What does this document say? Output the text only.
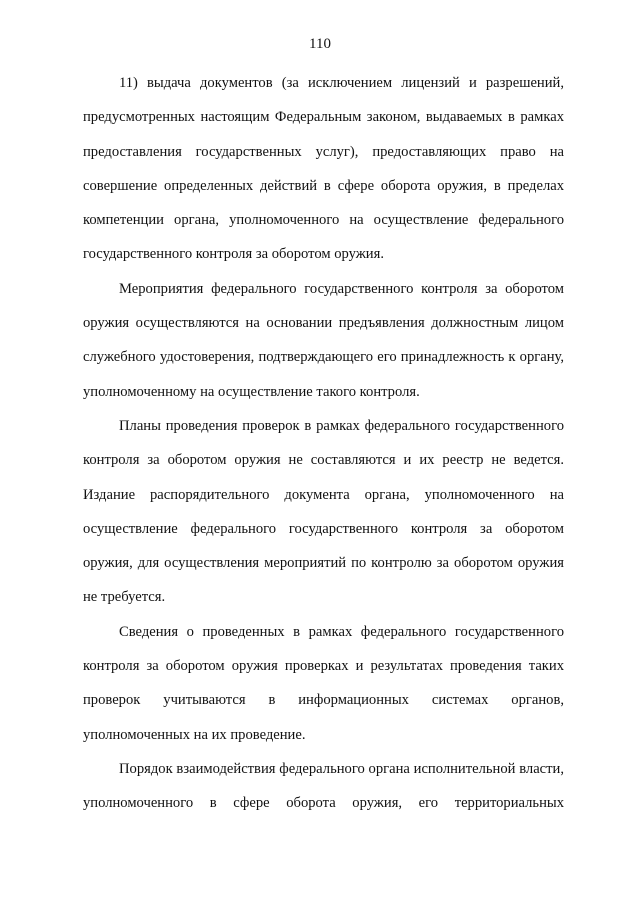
110

11) выдача документов (за исключением лицензий и разрешений, предусмотренных настоящим Федеральным законом, выдаваемых в рамках предоставления государственных услуг), предоставляющих право на совершение определенных действий в сфере оборота оружия, в пределах компетенции органа, уполномоченного на осуществление федерального государственного контроля за оборотом оружия.

Мероприятия федерального государственного контроля за оборотом оружия осуществляются на основании предъявления должностным лицом служебного удостоверения, подтверждающего его принадлежность к органу, уполномоченному на осуществление такого контроля.

Планы проведения проверок в рамках федерального государственного контроля за оборотом оружия не составляются и их реестр не ведется. Издание распорядительного документа органа, уполномоченного на осуществление федерального государственного контроля за оборотом оружия, для осуществления мероприятий по контролю за оборотом оружия не требуется.

Сведения о проведенных в рамках федерального государственного контроля за оборотом оружия проверках и результатах проведения таких проверок учитываются в информационных системах органов, уполномоченных на их проведение.

Порядок взаимодействия федерального органа исполнительной власти, уполномоченного в сфере оборота оружия, его территориальных
